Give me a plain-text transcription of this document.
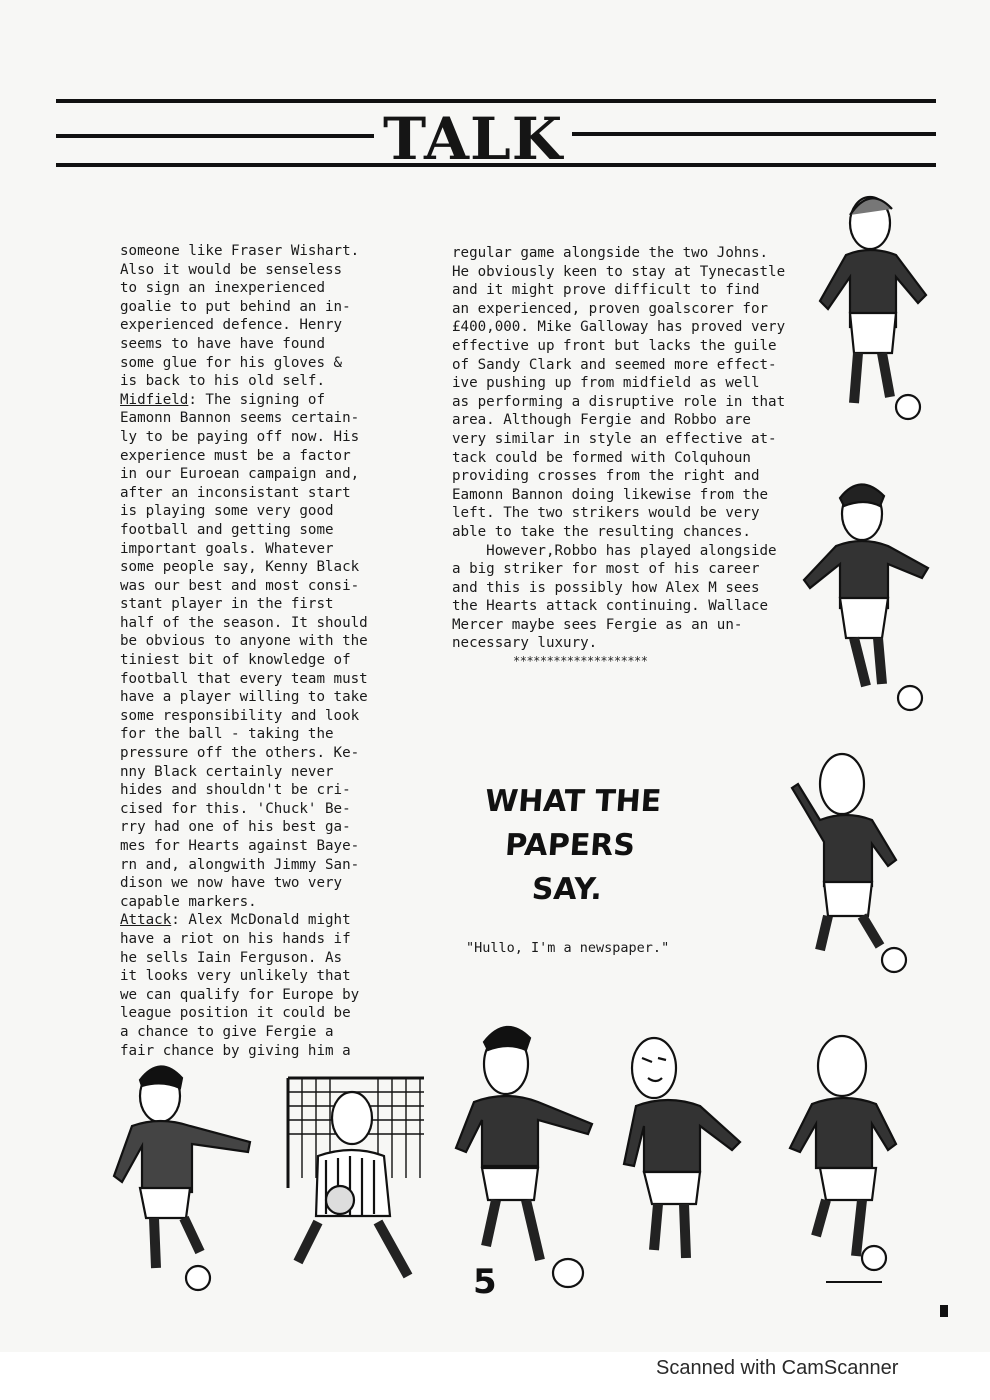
TALK
someone like Fraser Wishart.
Also it would be senseless
to sign an inexperienced
goalie to put behind an in-
experienced defence. Henry
seems to have have found
some glue for his gloves &
is back to his old self.
Midfield: The signing of
Eamonn Bannon seems certain-
ly to be paying off now. His
experience must be a factor
in our Euroean campaign and,
after an inconsistant start
is playing some very good
football and getting some
important goals. Whatever
some people say, Kenny Black
was our best and most consi-
stant player in the first
half of the season. It should
be obvious to anyone with the
tiniest bit of knowledge of
football that every team must
have a player willing to take
some responsibility and look
for the ball - taking the
pressure off the others. Ke-
nny Black certainly never
hides and shouldn't be cri-
cised for this. 'Chuck' Be-
rry had one of his best ga-
mes for Hearts against Baye-
rn and, alongwith Jimmy San-
dison we now have two very
capable markers.
Attack: Alex McDonald might
have a riot on his hands if
he sells Iain Ferguson. As
it looks very unlikely that
we can qualify for Europe by
league position it could be
a chance to give Fergie a
fair chance by giving him a
regular game alongside the two Johns.
He obviously keen to stay at Tynecastle
and it might prove difficult to find
an experienced, proven goalscorer for
£400,000. Mike Galloway has proved very
effective up front but lacks the guile
of Sandy Clark and seemed more effect-
ive pushing up from midfield as well
as performing a disruptive role in that
area. Although Fergie and Robbo are
very similar in style an effective at-
tack could be formed with Colquhoun
providing crosses from the right and
Eamonn Bannon doing likewise from the
left. The two strikers would be very
able to take the resulting chances.
However,Robbo has played alongside
a big striker for most of his career
and this is possibly how Alex M sees
the Hearts attack continuing. Wallace
Mercer maybe sees Fergie as an un-
necessary luxury.
********************
WHAT THE
PAPERS
SAY.
"Hullo, I'm a newspaper."
5
Scanned with CamScanner
